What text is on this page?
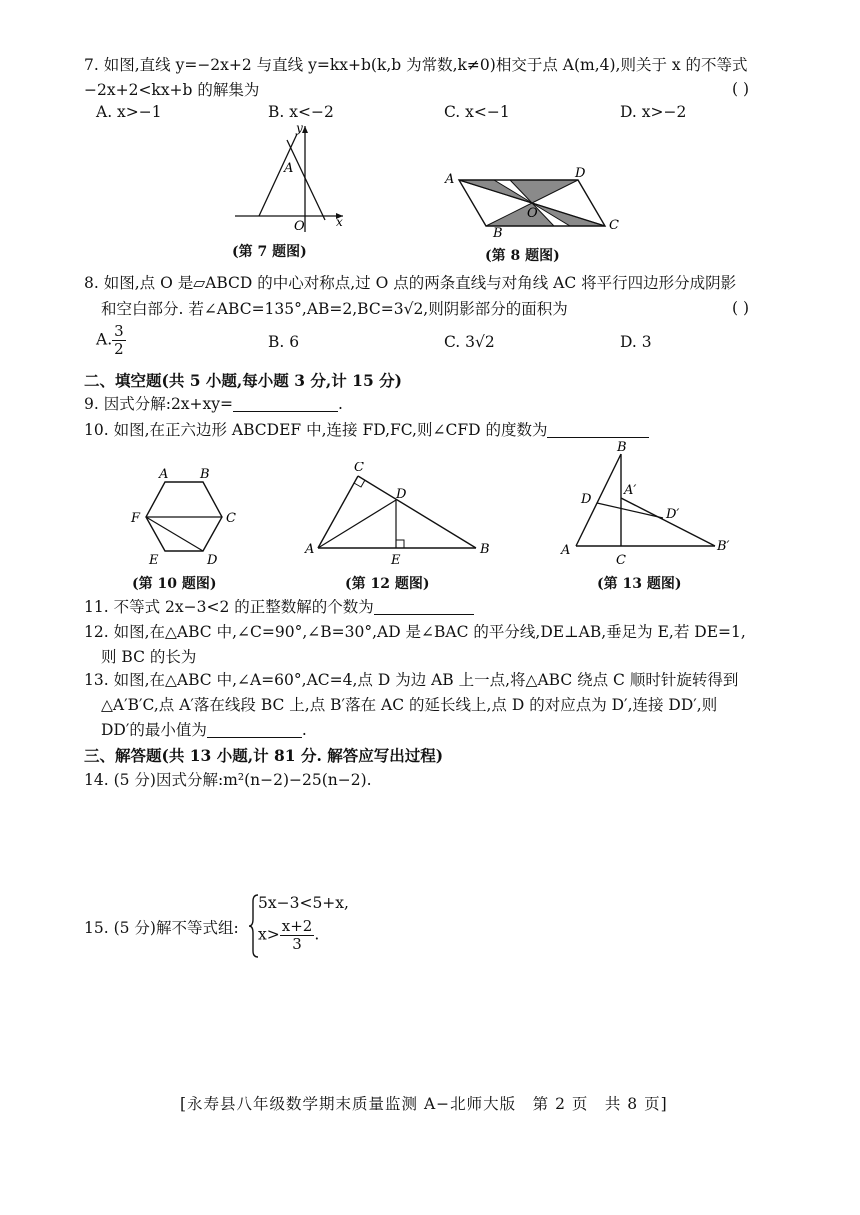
7. 如图,直线 y=−2x+2 与直线 y=kx+b(k,b 为常数,k≠0)相交于点 A(m,4),则关于 x 的不等式
−2x+2<kx+b 的解集为	( )
A. x>−1	B. x<−2	C. x<−1	D. x>−2
y
x
A
O
(第 7 题图)
A	D
O
B
C
(第 8 题图)
8. 如图,点 O 是▱ABCD 的中心对称点,过 O 点的两条直线与对角线 AC 将平行四边形分成阴影
和空白部分. 若∠ABC=135°,AB=2,BC=3√2,则阴影部分的面积为	( )
A. $\frac{3}{2}$	B. 6	C. 3√2	D. 3
二、填空题(共 5 小题,每小题 3 分,计 15 分)
9. 因式分解:2x+xy=	.
10. 如图,在正六边形 ABCDEF 中,连接 FD,FC,则∠CFD 的度数为
A B
C
D
E
F
(第 10 题图)
C
D
A
E
B
(第 12 题图)
B
A′
D
D′
A
C
B′
(第 13 题图)
11. 不等式 2x−3<2 的正整数解的个数为
12. 如图,在△ABC 中,∠C=90°,∠B=30°,AD 是∠BAC 的平分线,DE⊥AB,垂足为 E,若 DE=1,
则 BC 的长为
13. 如图,在△ABC 中,∠A=60°,AC=4,点 D 为边 AB 上一点,将△ABC 绕点 C 顺时针旋转得到
△A′B′C,点 A′落在线段 BC 上,点 B′落在 AC 的延长线上,点 D 的对应点为 D′,连接 DD′,则
DD′的最小值为	.
三、解答题(共 13 小题,计 81 分. 解答应写出过程)
14. (5 分)因式分解:m²(n−2)−25(n−2).
15. (5 分)解不等式组:
5x−3<5+x,
$x> \frac{x+2}{3}$ .
[永寿县八年级数学期末质量监测 A−北师大版　第 2 页　共 8 页]
